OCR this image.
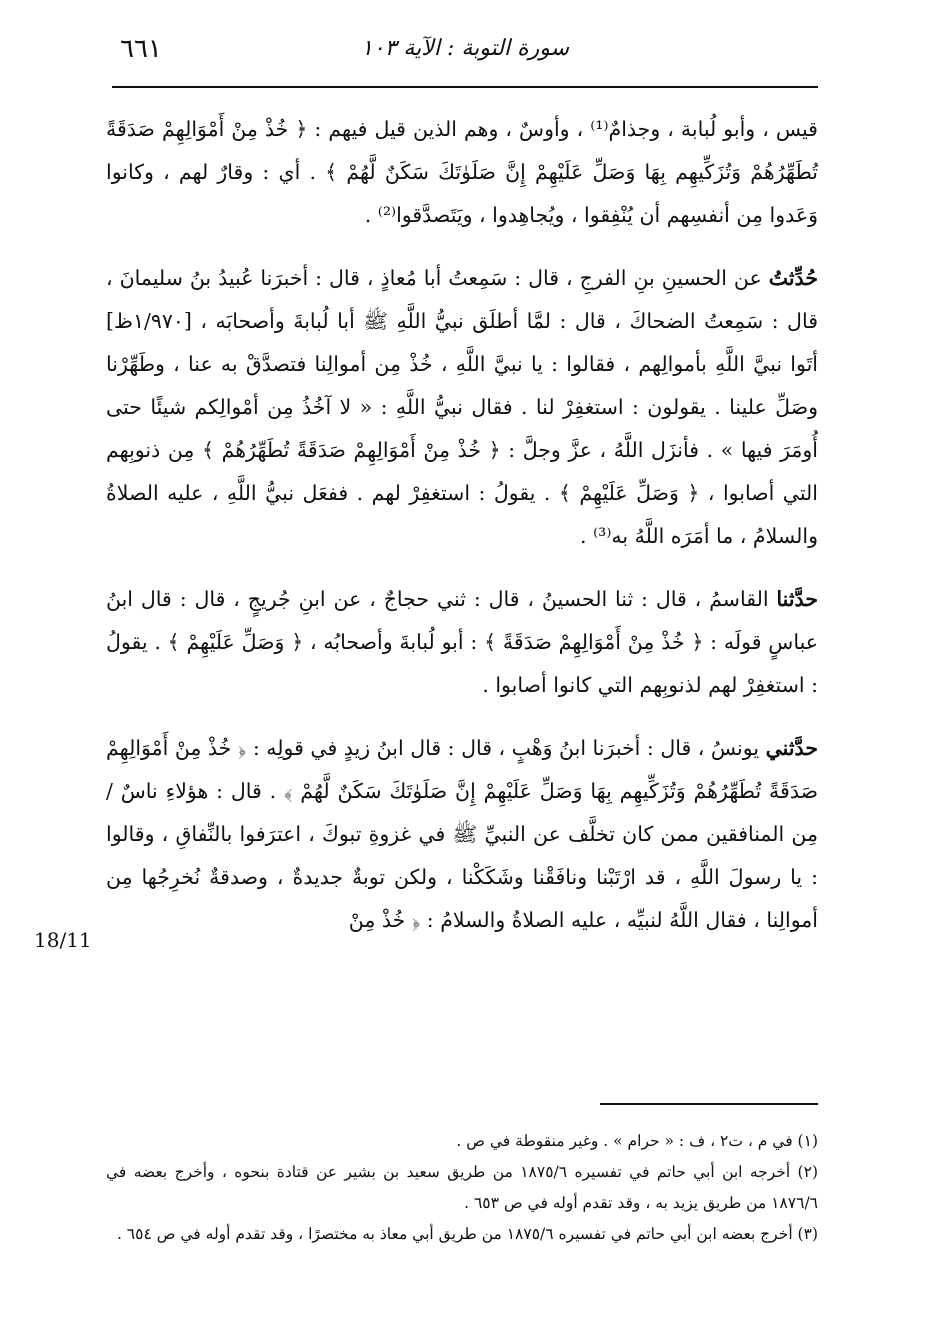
سورة التوبة : الآية ١٠٣
٦٦١

قيس ، وأبو لُبابة ، وجذامٌ⁽¹⁾ ، وأوسٌ ، وهم الذين قيل فيهم : ﴿ خُذْ مِنْ أَمْوَالِهِمْ صَدَقَةً تُطَهِّرُهُمْ وَتُزَكِّيهِم بِهَا وَصَلِّ عَلَيْهِمْ إِنَّ صَلَوٰتَكَ سَكَنٌ لَّهُمْ ﴾ . أي : وقارٌ لهم ، وكانوا وَعَدوا مِن أنفسِهم أن يُنْفِقوا ، ويُجاهِدوا ، ويَتَصدَّقوا⁽²⁾ .

حُدِّثتُ عن الحسينِ بنِ الفرجِ ، قال : سَمِعتُ أبا مُعاذٍ ، قال : أخبرَنا عُبيدُ بنُ سليمانَ ، قال : سَمِعتُ الضحاكَ ، قال : لمَّا أطلَق نبيُّ اللَّهِ ﷺ أبا لُبابةَ وأصحابَه ، [١/٩٧٠ظ] أتَوا نبيَّ اللَّهِ بأموالِهم ، فقالوا : يا نبيَّ اللَّهِ ، خُذْ مِن أموالِنا فتصدَّقْ به عنا ، وطَهِّرْنا وصَلِّ علينا . يقولون : استغفِرْ لنا . فقال نبيُّ اللَّهِ : « لا آخُذُ مِن أمْوالِكم شيئًا حتى أُومَرَ فيها » . فأنزَل اللَّهُ ، عزَّ وجلَّ : ﴿ خُذْ مِنْ أَمْوَالِهِمْ صَدَقَةً تُطَهِّرُهُمْ ﴾ مِن ذنوبِهم التي أصابوا ، ﴿ وَصَلِّ عَلَيْهِمْ ﴾ . يقولُ : استغفِرْ لهم . ففعَل نبيُّ اللَّهِ ، عليه الصلاةُ والسلامُ ، ما أمَرَه اللَّهُ به⁽³⁾ .

حدَّثنا القاسمُ ، قال : ثنا الحسينُ ، قال : ثني حجاجٌ ، عن ابنِ جُريجٍ ، قال : قال ابنُ عباسٍ قولَه : ﴿ خُذْ مِنْ أَمْوَالِهِمْ صَدَقَةً ﴾ : أبو لُبابةَ وأصحابُه ، ﴿ وَصَلِّ عَلَيْهِمْ ﴾ . يقولُ : استغفِرْ لهم لذنوبِهم التي كانوا أصابوا .

حدَّثني يونسُ ، قال : أخبرَنا ابنُ وَهْبٍ ، قال : قال ابنُ زيدٍ في قولِه : ﴿ خُذْ مِنْ أَمْوَالِهِمْ صَدَقَةً تُطَهِّرُهُمْ وَتُزَكِّيهِم بِهَا وَصَلِّ عَلَيْهِمْ إِنَّ صَلَوٰتَكَ سَكَنٌ لَّهُمْ ﴾ . قال : هؤلاءِ ناسٌ / مِن المنافقين ممن كان تخلَّف عن النبيِّ ﷺ في غزوةِ تبوكَ ، اعترَفوا بالنِّفاقِ ، وقالوا : يا رسولَ اللَّهِ ، قد ارْتَبْنا ونافَقْنا وشَكَكْنا ، ولكن توبةٌ جديدةٌ ، وصدقةٌ نُخرِجُها مِن أموالِنا ، فقال اللَّهُ لنبيِّه ، عليه الصلاةُ والسلامُ : ﴿ خُذْ مِنْ

18/11

(١) في م ، ت٢ ، ف : « حرام » . وغير منقوطة في ص .

(٢) أخرجه ابن أبي حاتم في تفسيره ١٨٧٥/٦ من طريق سعيد بن بشير عن قتادة بنحوه ، وأخرج بعضه في ١٨٧٦/٦ من طريق يزيد به ، وقد تقدم أوله في ص ٦٥٣ .

(٣) أخرج بعضه ابن أبي حاتم في تفسيره ١٨٧٥/٦ من طريق أبي معاذ به مختصرًا ، وقد تقدم أوله في ص ٦٥٤ .
